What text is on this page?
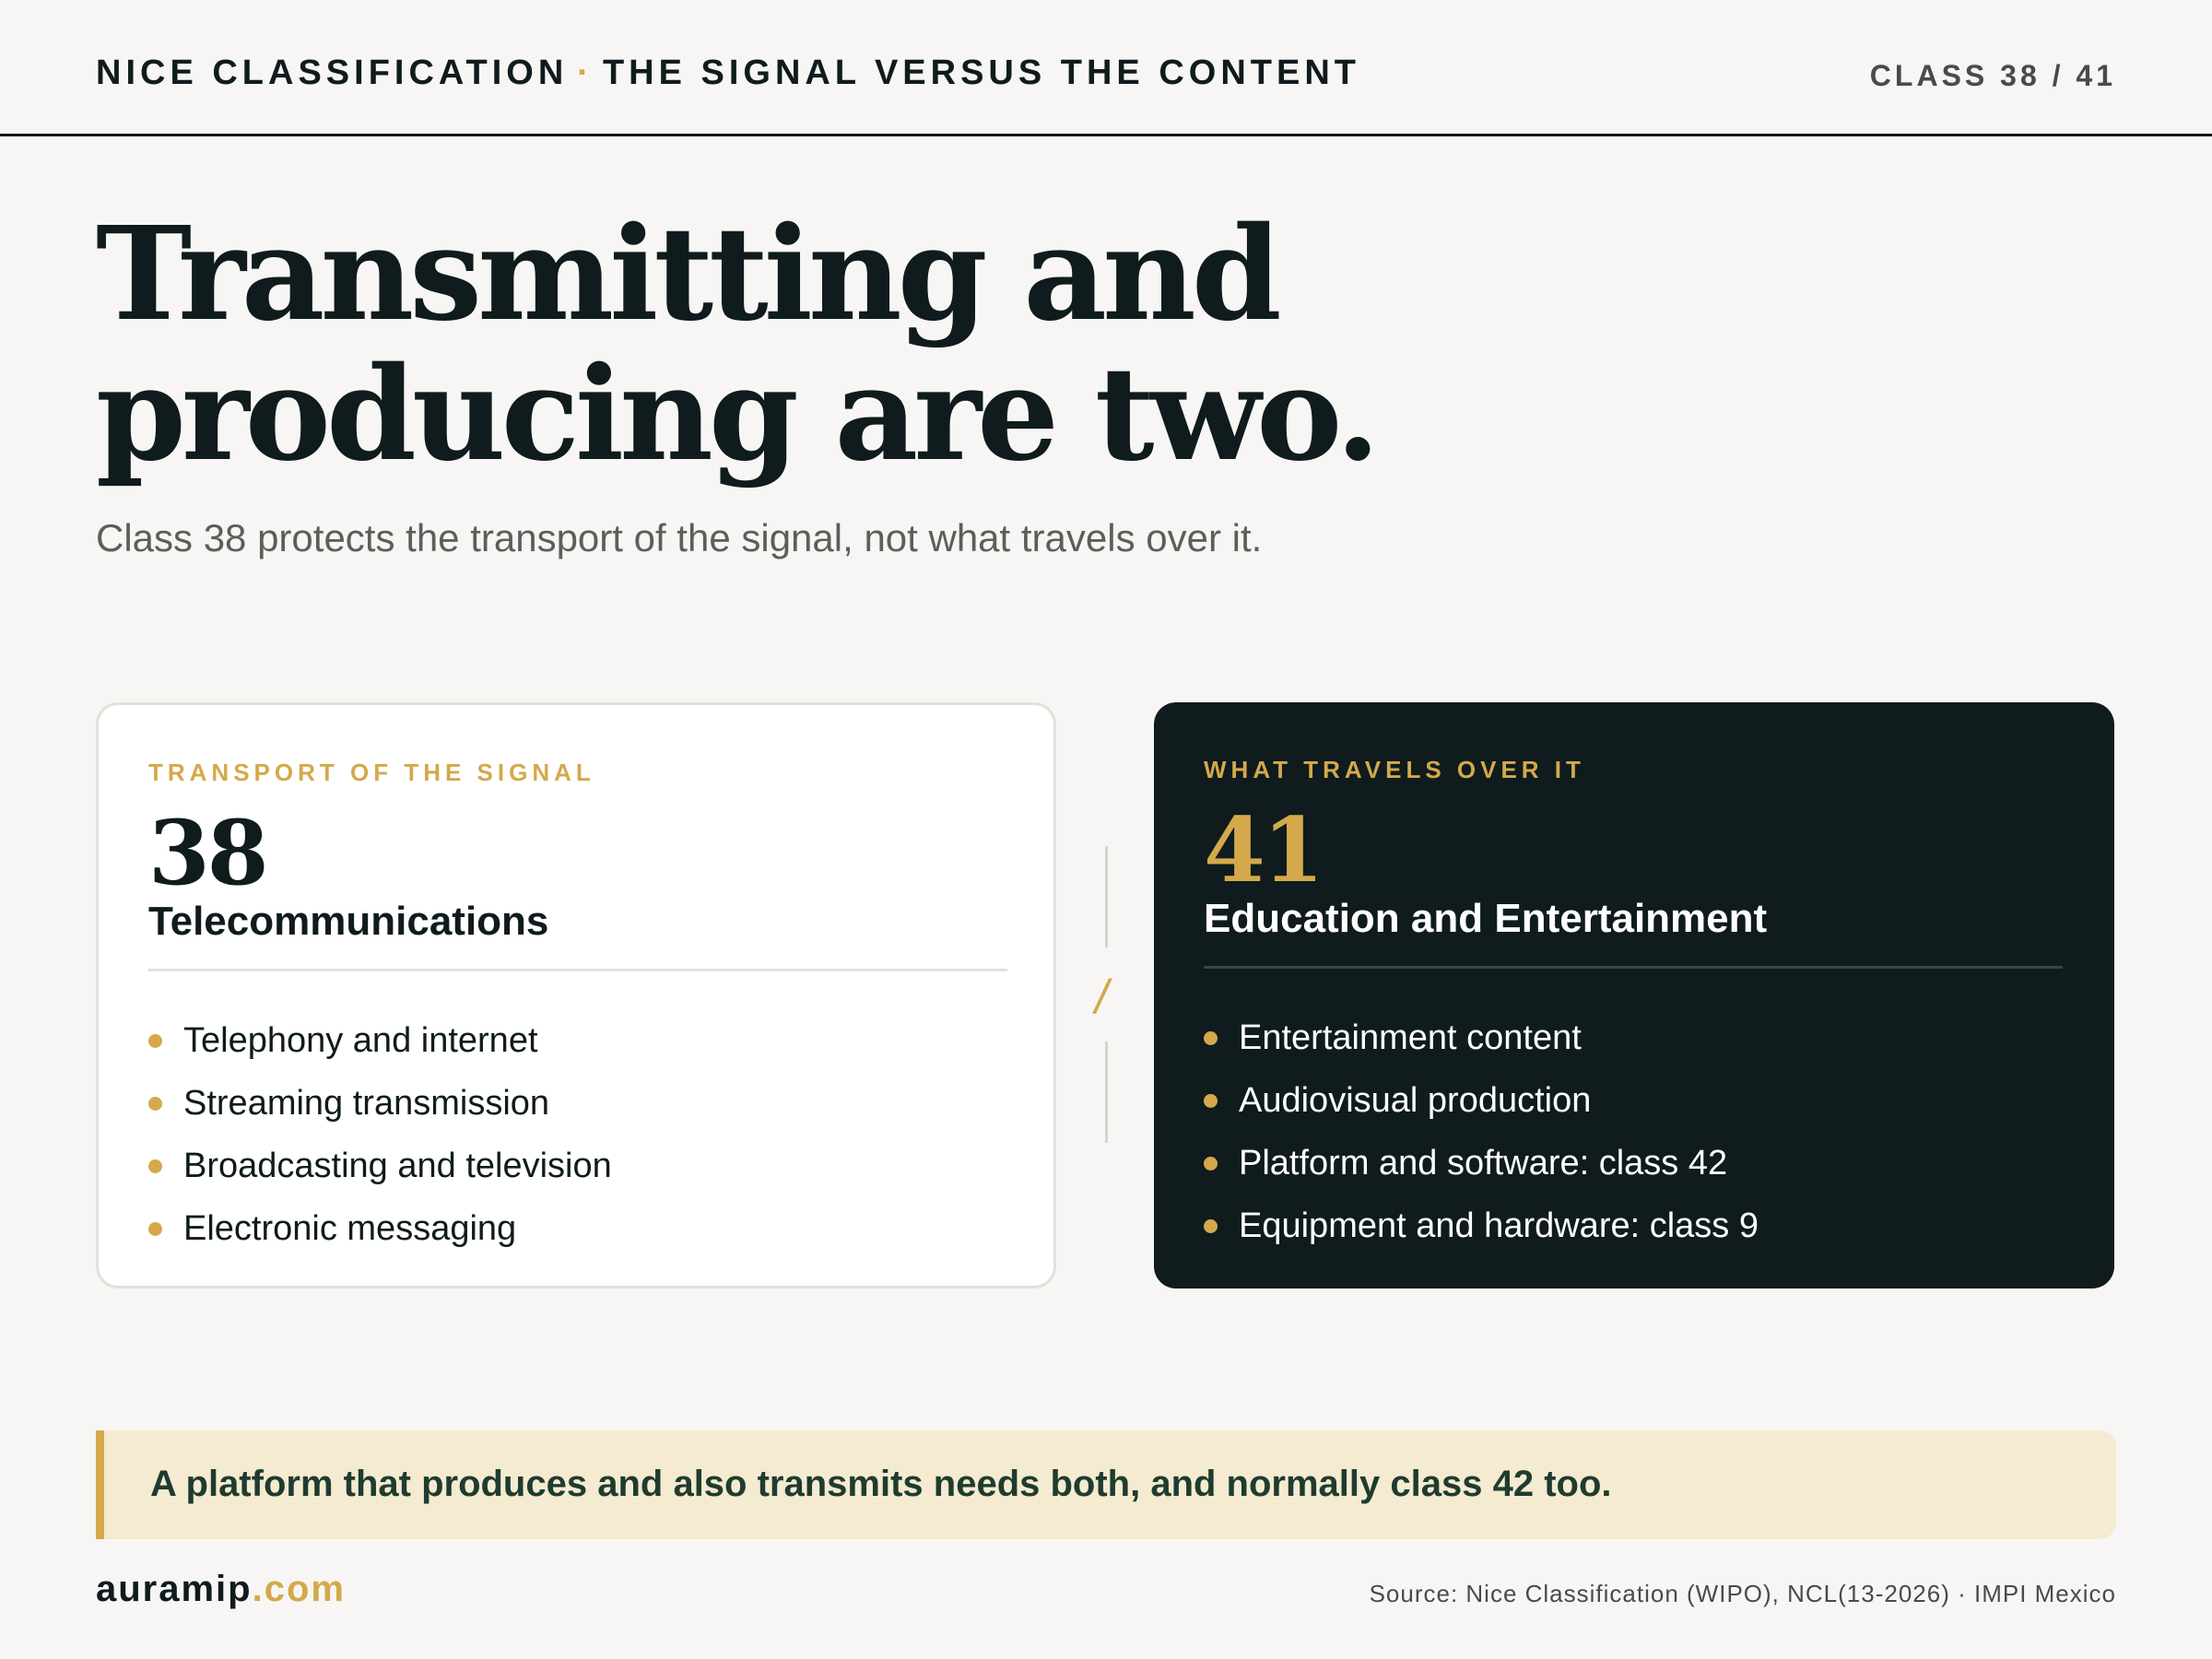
NICE CLASSIFICATION · THE SIGNAL VERSUS THE CONTENT	CLASS 38 / 41
Transmitting and
producing are two.

Class 38 protects the transport of the signal, not what travels over it.

TRANSPORT OF THE SIGNAL
38
Telecommunications
Telephony and internet
Streaming transmission
Broadcasting and television
Electronic messaging
/
WHAT TRAVELS OVER IT
41
Education and Entertainment
Entertainment content
Audiovisual production
Platform and software: class 42
Equipment and hardware: class 9
A platform that produces and also transmits needs both, and normally class 42 too.
auramip.com	Source: Nice Classification (WIPO), NCL(13-2026) · IMPI Mexico
